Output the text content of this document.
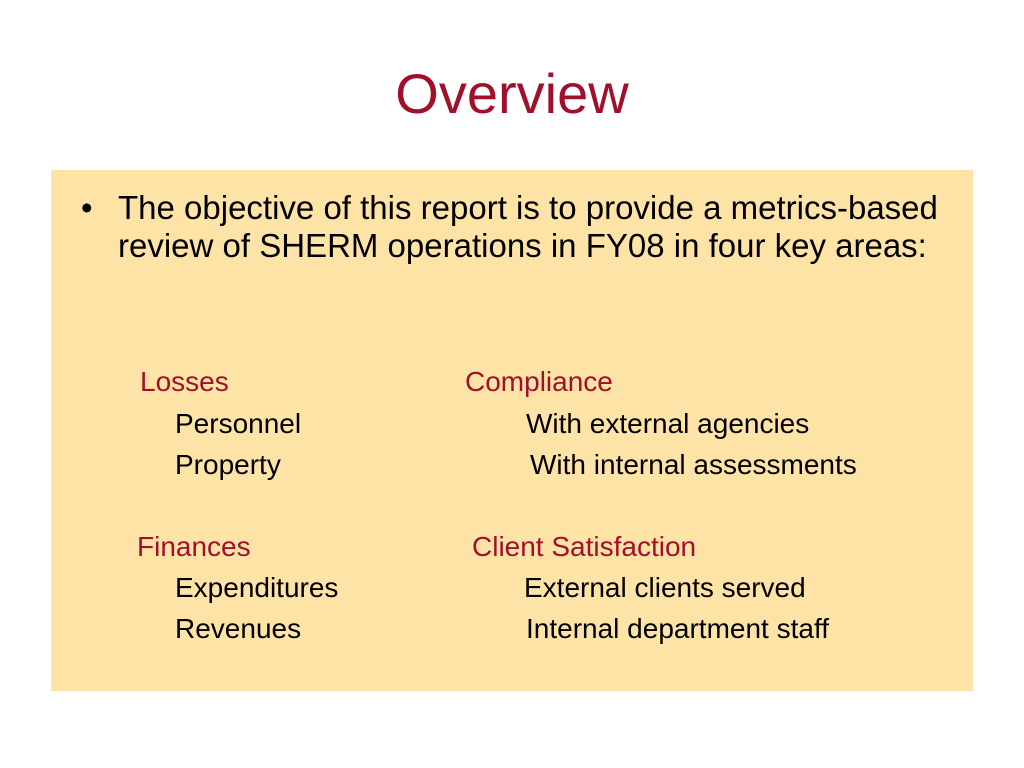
Overview
• The objective of this report is to provide a metrics-based review of SHERM operations in FY08 in four key areas:
Losses
Personnel
Property
Compliance
With external agencies
With internal assessments
Finances
Expenditures
Revenues
Client Satisfaction
External clients served
Internal department staff
